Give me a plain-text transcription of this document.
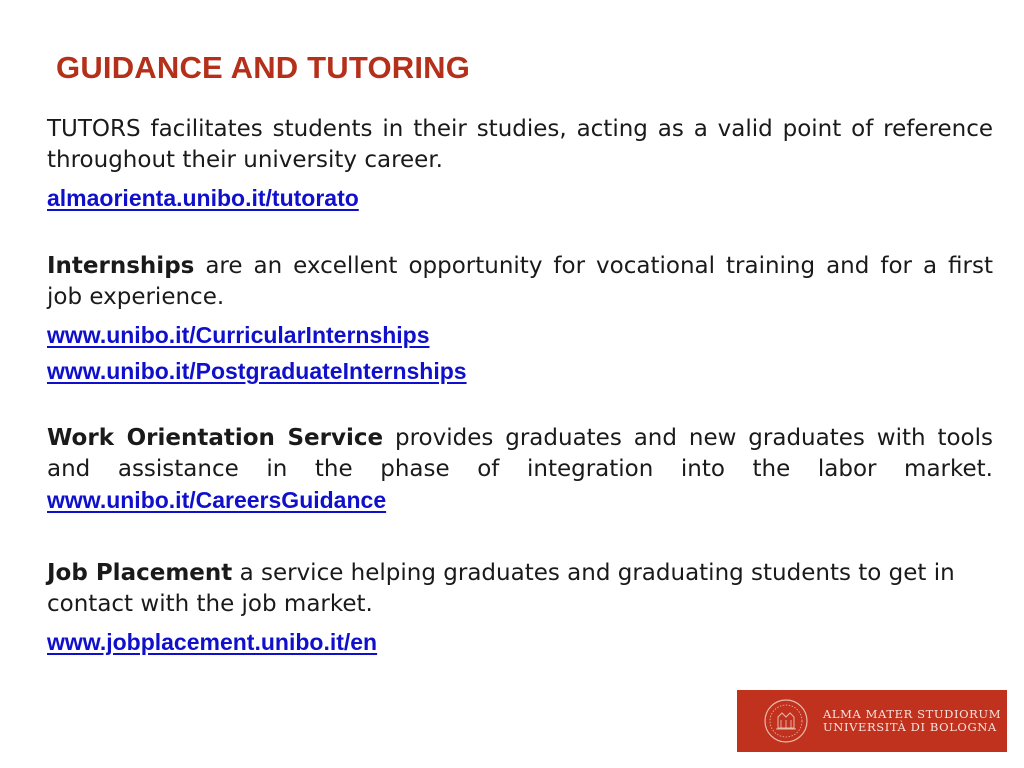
GUIDANCE AND TUTORING

TUTORS facilitates students in their studies, acting as a valid point of reference throughout their university career.

almaorienta.unibo.it/tutorato

Internships are an excellent opportunity for vocational training and for a first job experience.

www.unibo.it/CurricularInternships
www.unibo.it/PostgraduateInternships

Work Orientation Service provides graduates and new graduates with tools and assistance in the phase of integration into the labor market. www.unibo.it/CareersGuidance

Job Placement a service helping graduates and graduating students to get in contact with the job market.

www.jobplacement.unibo.it/en
ALMA MATER STUDIORUM
UNIVERSITÀ DI BOLOGNA
